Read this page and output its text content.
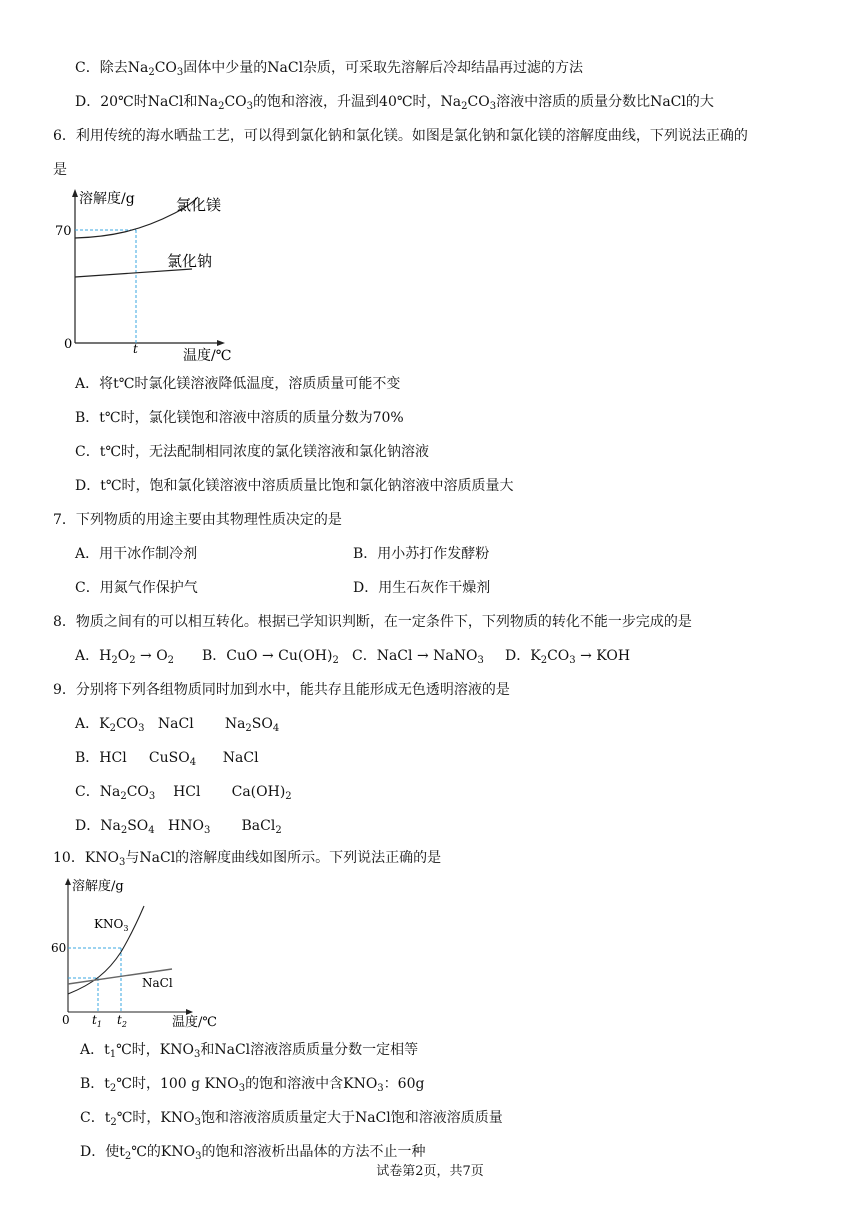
C．除去$Na_2CO_3$固体中少量的NaCl杂质，可采取先溶解后冷却结晶再过滤的方法
D．20℃时NaCl和$Na_2CO_3$的饱和溶液，升温到40℃时，$Na_2CO_3$溶液中溶质的质量分数比NaCl的大
6．利用传统的海水晒盐工艺，可以得到氯化钠和氯化镁。如图是氯化钠和氯化镁的溶解度曲线，下列说法正确的
是
溶解度/g
70
0	t	温度/℃
氯化镁
氯化钠
A．将t℃时氯化镁溶液降低温度，溶质质量可能不变
B．t℃时，氯化镁饱和溶液中溶质的质量分数为70%
C．t℃时，无法配制相同浓度的氯化镁溶液和氯化钠溶液
D．t℃时，饱和氯化镁溶液中溶质质量比饱和氯化钠溶液中溶质质量大
7．下列物质的用途主要由其物理性质决定的是
A．用干冰作制冷剂	B．用小苏打作发酵粉
C．用氮气作保护气	D．用生石灰作干燥剂
8．物质之间有的可以相互转化。根据已学知识判断，在一定条件下，下列物质的转化不能一步完成的是
A．$H_2O_2 \to O_2$ B．CuO → $Cu(OH)_2$ C．NaCl → NaNO$_3$ D．$K_2CO_3$ → KOH
9．分别将下列各组物质同时加到水中，能共存且能形成无色透明溶液的是
A．$K_2CO_3$   NaCl       $Na_2SO_4$
B．HCl     CuSO$_4$      NaCl
C．$Na_2CO_3$    HCl       $Ca(OH)_2$
D．$Na_2SO_4$   $HNO_3$       BaCl$_2$
10．$KNO_3$与NaCl的溶解度曲线如图所示。下列说法正确的是
溶解度/g
60
0 $t_1$ $t_2$	温度/℃
$KNO_3$
NaCl
A．$t_1℃$时，$KNO_3$和NaCl溶液溶质质量分数一定相等
B．$t_2℃$时，100 g $KNO_3$的饱和溶液中含$KNO_3$：60g
C．$t_2℃$时，$KNO_3$饱和溶液溶质质量定大于NaCl饱和溶液溶质质量
D．使$t_2℃$的$KNO_3$的饱和溶液析出晶体的方法不止一种
试卷第2页，共7页
